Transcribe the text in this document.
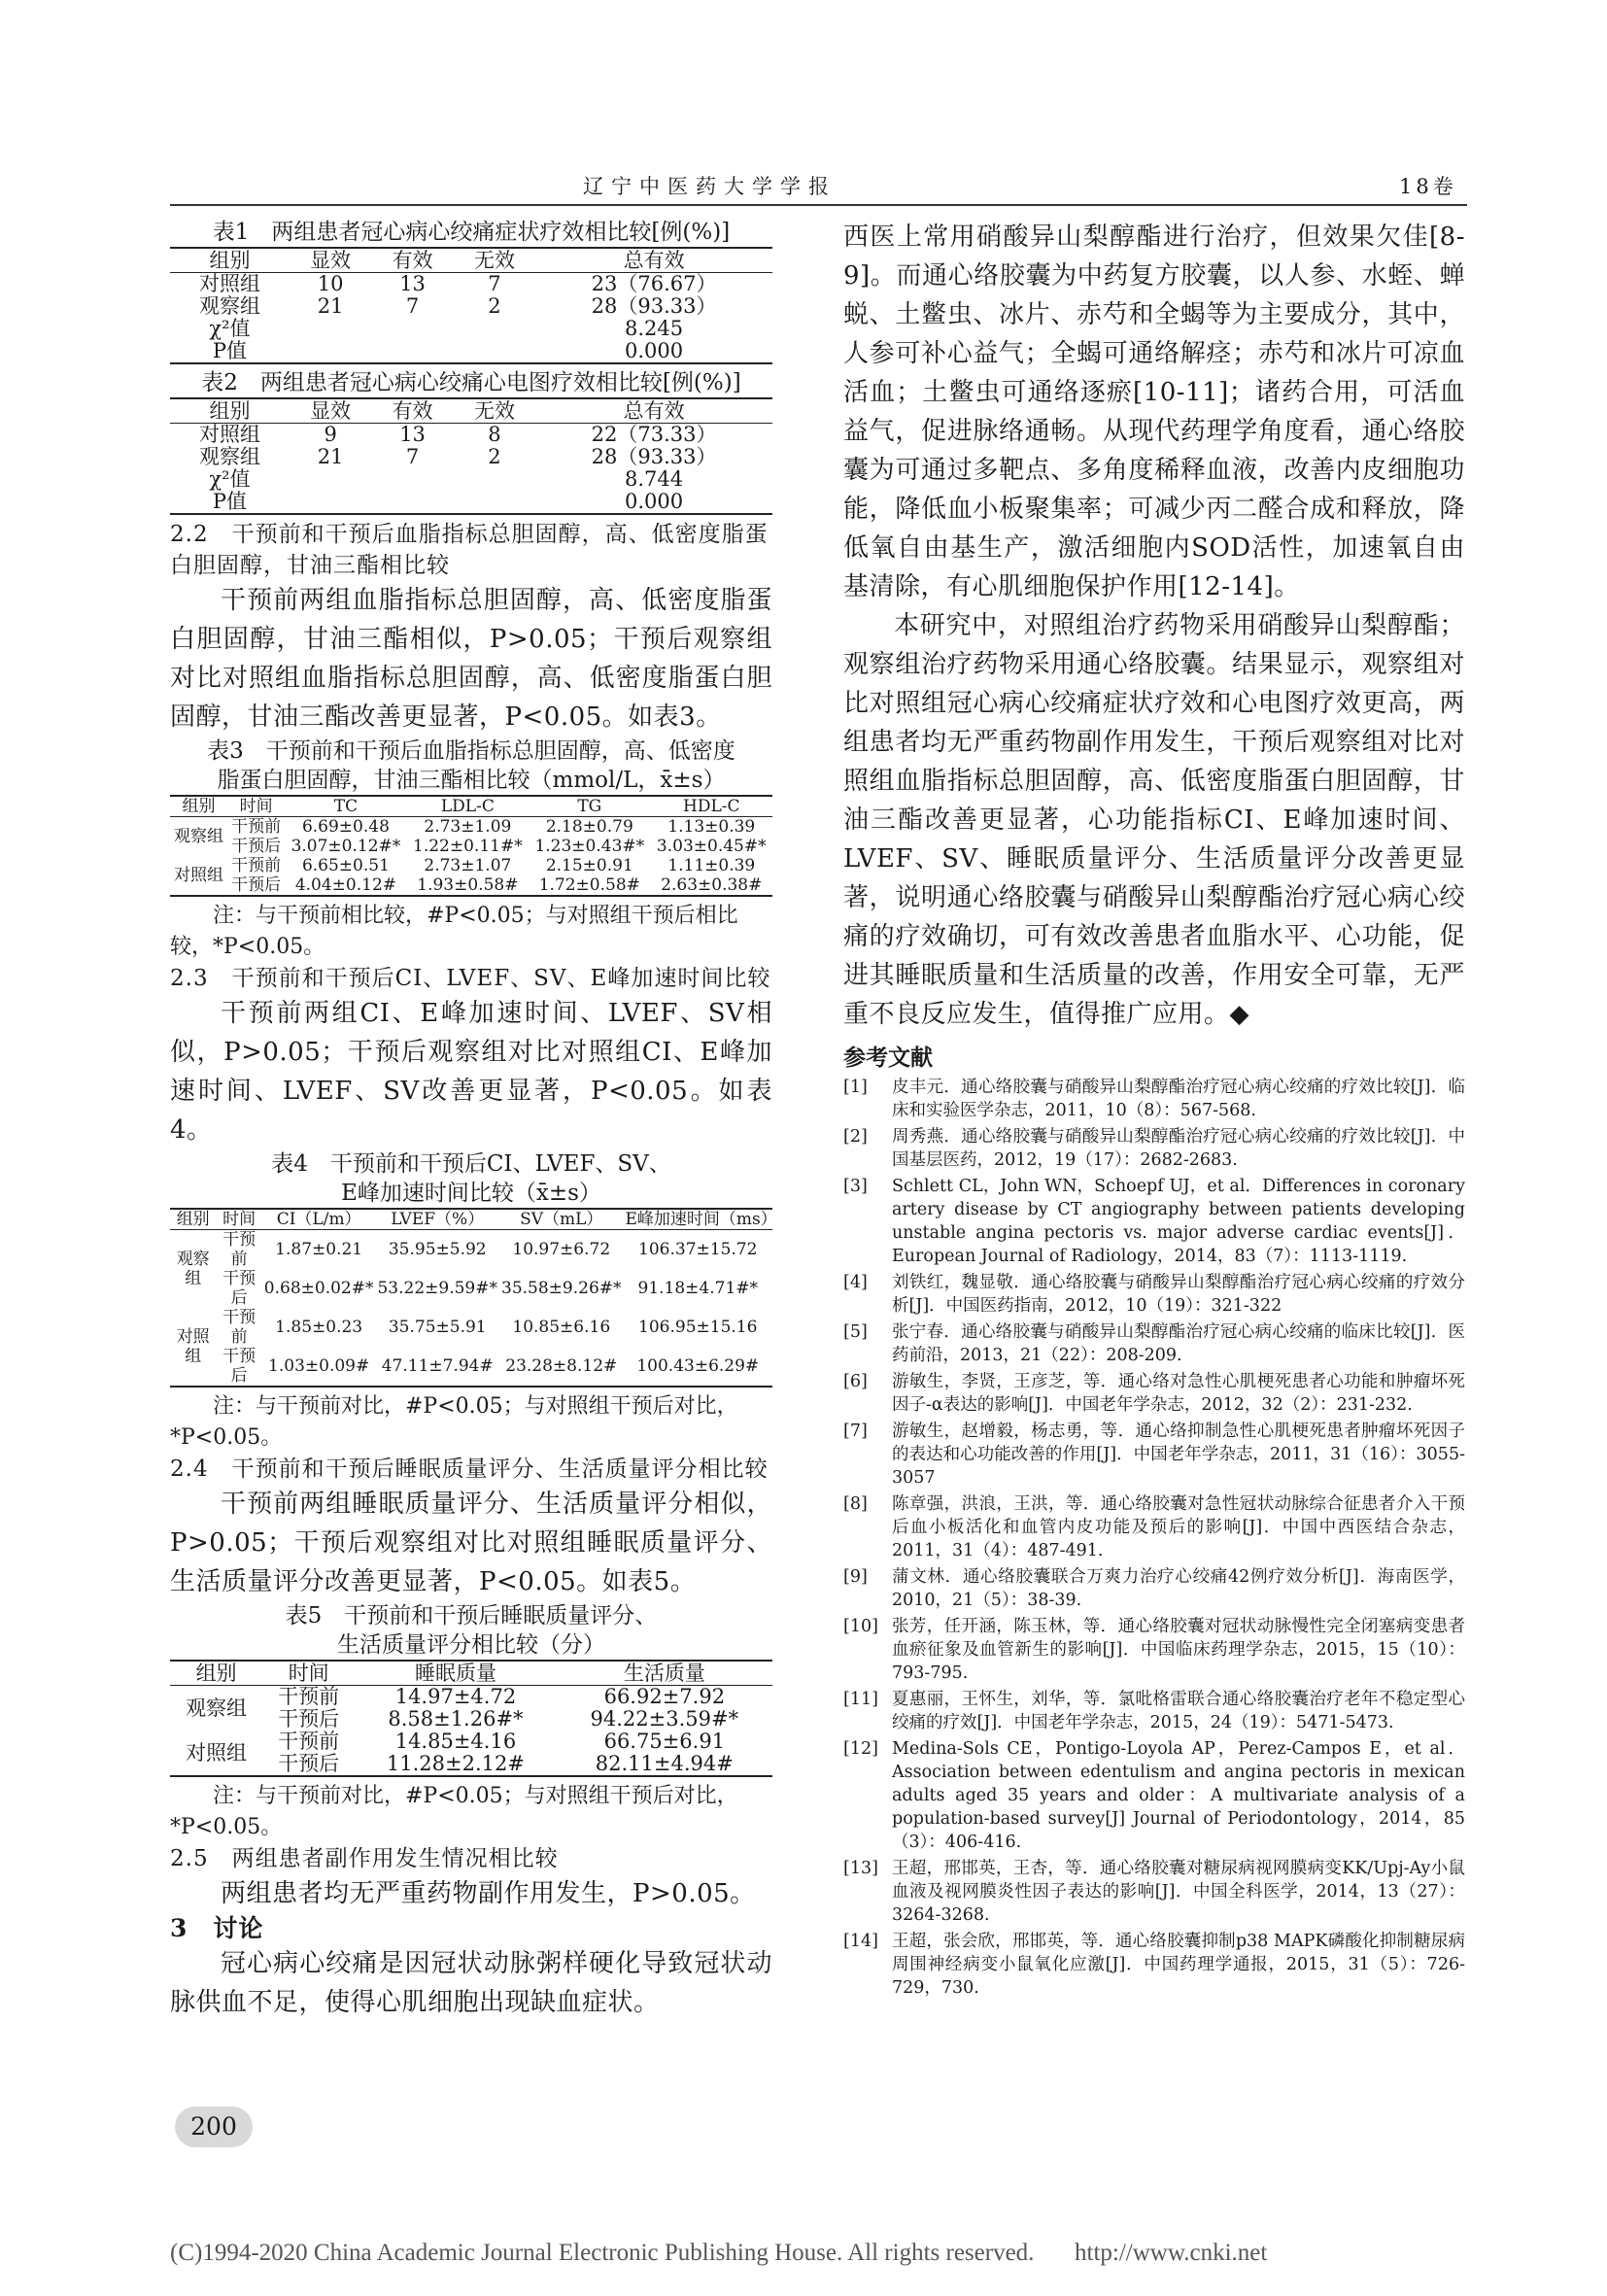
辽宁中医药大学学报	18卷

表1　两组患者冠心病心绞痛症状疗效相比较[例(%)]

组别	显效	有效	无效	总有效
对照组	10	13	7	23（76.67）
观察组	21	7	2	28（93.33）
χ²值				8.245
P值				0.000

表2　两组患者冠心病心绞痛心电图疗效相比较[例(%)]

组别	显效	有效	无效	总有效
对照组	9	13	8	22（73.33）
观察组	21	7	2	28（93.33）
χ²值				8.744
P值				0.000

2.2　干预前和干预后血脂指标总胆固醇，高、低密度脂蛋白胆固醇，甘油三酯相比较

干预前两组血脂指标总胆固醇，高、低密度脂蛋白胆固醇，甘油三酯相似，P>0.05；干预后观察组对比对照组血脂指标总胆固醇，高、低密度脂蛋白胆固醇，甘油三酯改善更显著，P<0.05。如表3。

表3　干预前和干预后血脂指标总胆固醇，高、低密度

脂蛋白胆固醇，甘油三酯相比较（mmol/L，x̄±s）

组别	时间	TC	LDL-C	TG	HDL-C
观察组	干预前	6.69±0.48	2.73±1.09	2.18±0.79	1.13±0.39
	干预后	3.07±0.12#*	1.22±0.11#*	1.23±0.43#*	3.03±0.45#*
对照组	干预前	6.65±0.51	2.73±1.07	2.15±0.91	1.11±0.39
	干预后	4.04±0.12#	1.93±0.58#	1.72±0.58#	2.63±0.38#

注：与干预前相比较，#P<0.05；与对照组干预后相比较，*P<0.05。

2.3　干预前和干预后CI、LVEF、SV、E峰加速时间比较

干预前两组CI、E峰加速时间、LVEF、SV相似，P>0.05；干预后观察组对比对照组CI、E峰加速时间、LVEF、SV改善更显著，P<0.05。如表4。

表4　干预前和干预后CI、LVEF、SV、

E峰加速时间比较（x̄±s）

组别	时间	CI（L/m）	LVEF（%）	SV（mL）	E峰加速时间（ms）
观察组	干预前	1.87±0.21	35.95±5.92	10.97±6.72	106.37±15.72
	干预后	0.68±0.02#*	53.22±9.59#*	35.58±9.26#*	91.18±4.71#*
对照组	干预前	1.85±0.23	35.75±5.91	10.85±6.16	106.95±15.16
	干预后	1.03±0.09#	47.11±7.94#	23.28±8.12#	100.43±6.29#

注：与干预前对比，#P<0.05；与对照组干预后对比，*P<0.05。

2.4　干预前和干预后睡眠质量评分、生活质量评分相比较

干预前两组睡眠质量评分、生活质量评分相似，P>0.05；干预后观察组对比对照组睡眠质量评分、生活质量评分改善更显著，P<0.05。如表5。

表5　干预前和干预后睡眠质量评分、

生活质量评分相比较（分）

组别	时间	睡眠质量	生活质量
观察组	干预前	14.97±4.72	66.92±7.92
	干预后	8.58±1.26#*	94.22±3.59#*
对照组	干预前	14.85±4.16	66.75±6.91
	干预后	11.28±2.12#	82.11±4.94#

注：与干预前对比，#P<0.05；与对照组干预后对比，*P<0.05。

2.5　两组患者副作用发生情况相比较

两组患者均无严重药物副作用发生，P>0.05。

3　讨论

冠心病心绞痛是因冠状动脉粥样硬化导致冠状动脉供血不足，使得心肌细胞出现缺血症状。

西医上常用硝酸异山梨醇酯进行治疗，但效果欠佳[8-9]。而通心络胶囊为中药复方胶囊，以人参、水蛭、蝉蜕、土鳖虫、冰片、赤芍和全蝎等为主要成分，其中，人参可补心益气；全蝎可通络解痉；赤芍和冰片可凉血活血；土鳖虫可通络逐瘀[10-11]；诸药合用，可活血益气，促进脉络通畅。从现代药理学角度看，通心络胶囊为可通过多靶点、多角度稀释血液，改善内皮细胞功能，降低血小板聚集率；可减少丙二醛合成和释放，降低氧自由基生产，激活细胞内SOD活性，加速氧自由基清除，有心肌细胞保护作用[12-14]。

本研究中，对照组治疗药物采用硝酸异山梨醇酯；观察组治疗药物采用通心络胶囊。结果显示，观察组对比对照组冠心病心绞痛症状疗效和心电图疗效更高，两组患者均无严重药物副作用发生，干预后观察组对比对照组血脂指标总胆固醇，高、低密度脂蛋白胆固醇，甘油三酯改善更显著，心功能指标CI、E峰加速时间、LVEF、SV、睡眠质量评分、生活质量评分改善更显著，说明通心络胶囊与硝酸异山梨醇酯治疗冠心病心绞痛的疗效确切，可有效改善患者血脂水平、心功能，促进其睡眠质量和生活质量的改善，作用安全可靠，无严重不良反应发生，值得推广应用。◆

参考文献
[1]	皮丰元．通心络胶囊与硝酸异山梨醇酯治疗冠心病心绞痛的疗效比较[J]．临床和实验医学杂志，2011，10（8）：567-568.
[2]	周秀燕．通心络胶囊与硝酸异山梨醇酯治疗冠心病心绞痛的疗效比较[J]．中国基层医药，2012，19（17）：2682-2683.
[3]	Schlett CL，John WN，Schoepf UJ，et al．Differences in coronary artery disease by CT angiography between patients developing unstable angina pectoris vs. major adverse cardiac events[J]．European Journal of Radiology，2014，83（7）：1113-1119.
[4]	刘铁红，魏显敬．通心络胶囊与硝酸异山梨醇酯治疗冠心病心绞痛的疗效分析[J]．中国医药指南，2012，10（19）：321-322
[5]	张宁春．通心络胶囊与硝酸异山梨醇酯治疗冠心病心绞痛的临床比较[J]．医药前沿，2013，21（22）：208-209.
[6]	游敏生，李贤，王彦芝，等．通心络对急性心肌梗死患者心功能和肿瘤坏死因子-α表达的影响[J]．中国老年学杂志，2012，32（2）：231-232.
[7]	游敏生，赵增毅，杨志勇，等．通心络抑制急性心肌梗死患者肿瘤坏死因子的表达和心功能改善的作用[J]．中国老年学杂志，2011，31（16）：3055-3057
[8]	陈章强，洪浪，王洪，等．通心络胶囊对急性冠状动脉综合征患者介入干预后血小板活化和血管内皮功能及预后的影响[J]．中国中西医结合杂志，2011，31（4）：487-491.
[9]	蒲文林．通心络胶囊联合万爽力治疗心绞痛42例疗效分析[J]．海南医学，2010，21（5）：38-39.
[10] 张芳，任开涵，陈玉林，等．通心络胶囊对冠状动脉慢性完全闭塞病变患者血瘀征象及血管新生的影响[J]．中国临床药理学杂志，2015，15（10）：793-795.
[11] 夏惠丽，王怀生，刘华，等．氯吡格雷联合通心络胶囊治疗老年不稳定型心绞痛的疗效[J]．中国老年学杂志，2015，24（19）：5471-5473.
[12] Medina-Sols CE，Pontigo-Loyola AP，Perez-Campos E，et al．Association between edentulism and angina pectoris in mexican adults aged 35 years and older：A multivariate analysis of a population-based survey[J] Journal of Periodontology，2014，85（3）：406-416.
[13] 王超，邢邯英，王杏，等．通心络胶囊对糖尿病视网膜病变KK/Upj-Ay小鼠血液及视网膜炎性因子表达的影响[J]．中国全科医学，2014，13（27）：3264-3268.
[14] 王超，张会欣，邢邯英，等．通心络胶囊抑制p38 MAPK磷酸化抑制糖尿病周围神经病变小鼠氧化应激[J]．中国药理学通报，2015，31（5）：726-729，730.
200
(C)1994-2020 China Academic Journal Electronic Publishing House. All rights reserved. http://www.cnki.net
